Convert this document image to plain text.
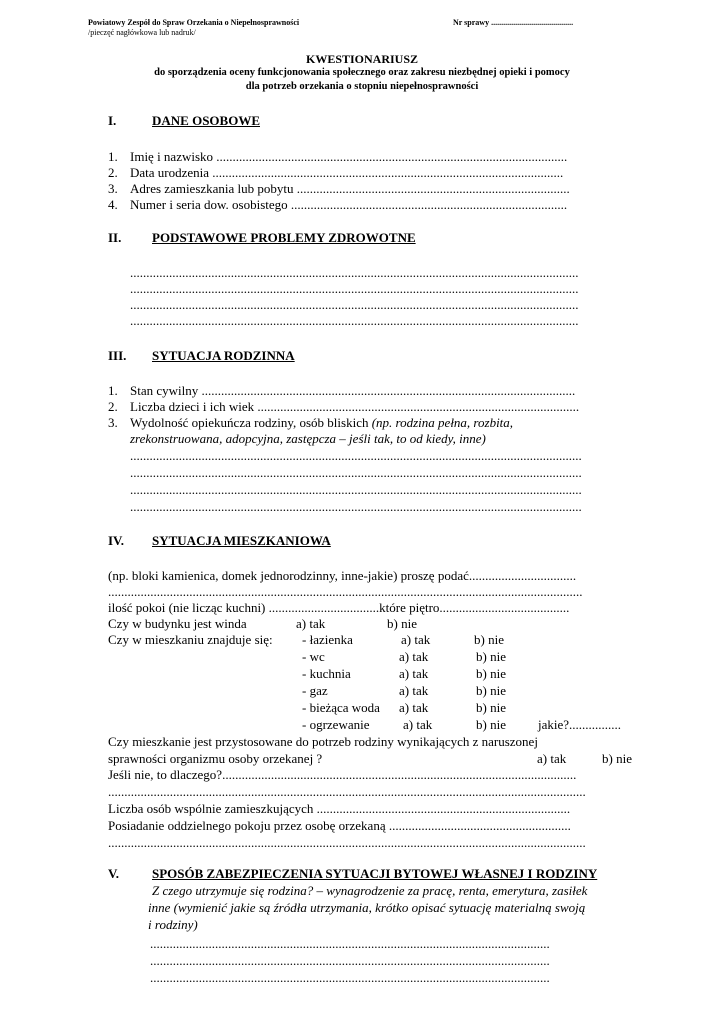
Powiatowy Zespół do Spraw Orzekania o Niepełnosprawności	Nr sprawy .........................................
/pieczęć nagłówkowa lub nadruk/
KWESTIONARIUSZ
do sporządzenia oceny funkcjonowania społecznego oraz zakresu niezbędnej opieki i pomocy
dla potrzeb orzekania o stopniu niepełnosprawności
I.	DANE OSOBOWE
1. Imię i nazwisko ............................................................................................................
2. Data urodzenia ............................................................................................................
3. Adres zamieszkania lub pobytu ....................................................................................
4. Numer i seria dow. osobistego .....................................................................................
II. PODSTAWOWE PROBLEMY ZDROWOTNE
..........................................................................................................................................
..........................................................................................................................................
..........................................................................................................................................
..........................................................................................................................................
III. SYTUACJA RODZINNA
1. Stan cywilny ...................................................................................................................
2. Liczba dzieci i ich wiek ...................................................................................................
3. Wydolność opiekuńcza rodziny, osób bliskich (np. rodzina pełna, rozbita,
zrekonstruowana, adopcyjna, zastępcza – jeśli tak, to od kiedy, inne)
...........................................................................................................................................
...........................................................................................................................................
...........................................................................................................................................
...........................................................................................................................................
IV. SYTUACJA MIESZKANIOWA
(np. bloki kamienica, domek jednorodzinny, inne-jakie) proszę podać.................................
..................................................................................................................................................
ilość pokoi (nie licząc kuchni) ..................................które piętro........................................
Czy w budynku jest winda	a) tak	b) nie
Czy w mieszkaniu znajduje się: - łazienka	a) tak	b) nie
- wc	a) tak	b) nie
- kuchnia	a) tak	b) nie
- gaz	a) tak	b) nie
- bieżąca woda a) tak	b) nie
- ogrzewanie	a) tak	b) nie jakie?................
Czy mieszkanie jest przystosowane do potrzeb rodziny wynikających z naruszonej
sprawności organizmu osoby orzekanej ?	a) tak	b) nie
Jeśli nie, to dlaczego?.............................................................................................................
...................................................................................................................................................
Liczba osób wspólnie zamieszkujących ..............................................................................
Posiadanie oddzielnego pokoju przez osobę orzekaną ........................................................
...................................................................................................................................................
V.	SPOSÓB ZABEZPIECZENIA SYTUACJI BYTOWEJ WŁASNEJ I RODZINY
Z czego utrzymuje się rodzina? – wynagrodzenie za pracę, renta, emerytura, zasiłek
inne (wymienić jakie są źródła utrzymania, krótko opisać sytuację materialną swoją
i rodziny)
...........................................................................................................................
...........................................................................................................................
...........................................................................................................................
